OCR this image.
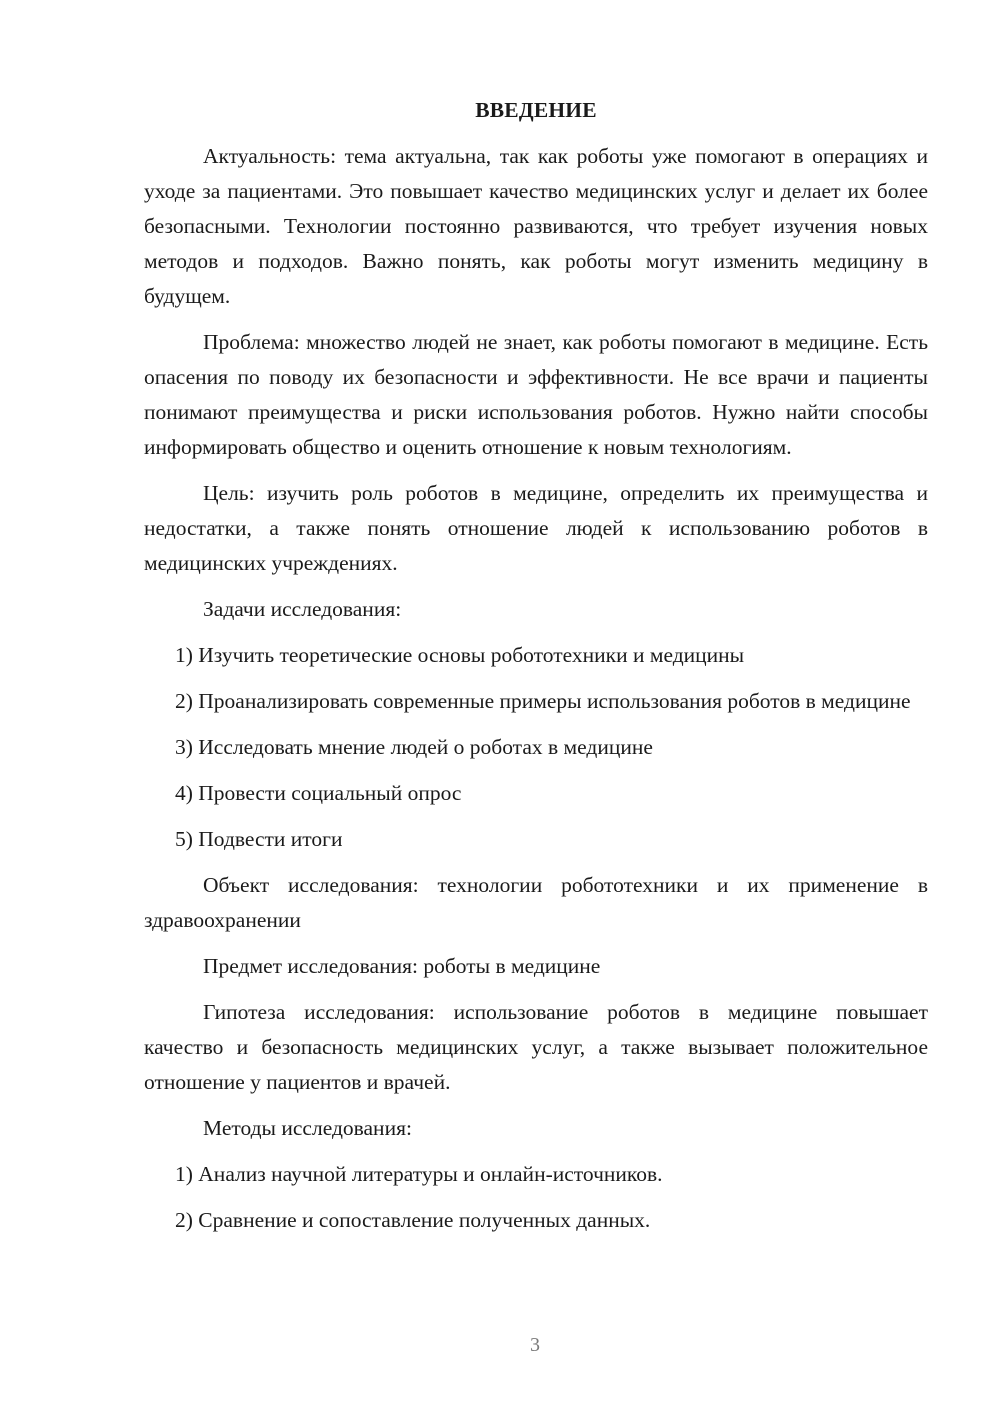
ВВЕДЕНИЕ

Актуальность: тема актуальна, так как роботы уже помогают в операциях и уходе за пациентами. Это повышает качество медицинских услуг и делает их более безопасными. Технологии постоянно развиваются, что требует изучения новых методов и подходов. Важно понять, как роботы могут изменить медицину в будущем.

Проблема: множество людей не знает, как роботы помогают в медицине. Есть опасения по поводу их безопасности и эффективности. Не все врачи и пациенты понимают преимущества и риски использования роботов. Нужно найти способы информировать общество и оценить отношение к новым технологиям.

Цель: изучить роль роботов в медицине, определить их преимущества и недостатки, а также понять отношение людей к использованию роботов в медицинских учреждениях.

Задачи исследования:

1) Изучить теоретические основы робототехники и медицины

2) Проанализировать современные примеры использования роботов в медицине

3) Исследовать мнение людей о роботах в медицине

4) Провести социальный опрос

5) Подвести итоги

Объект исследования: технологии робототехники и их применение в здравоохранении

Предмет исследования: роботы в медицине

Гипотеза исследования: использование роботов в медицине повышает качество и безопасность медицинских услуг, а также вызывает положительное отношение у пациентов и врачей.

Методы исследования:

1) Анализ научной литературы и онлайн-источников.

2) Сравнение и сопоставление полученных данных.

3
